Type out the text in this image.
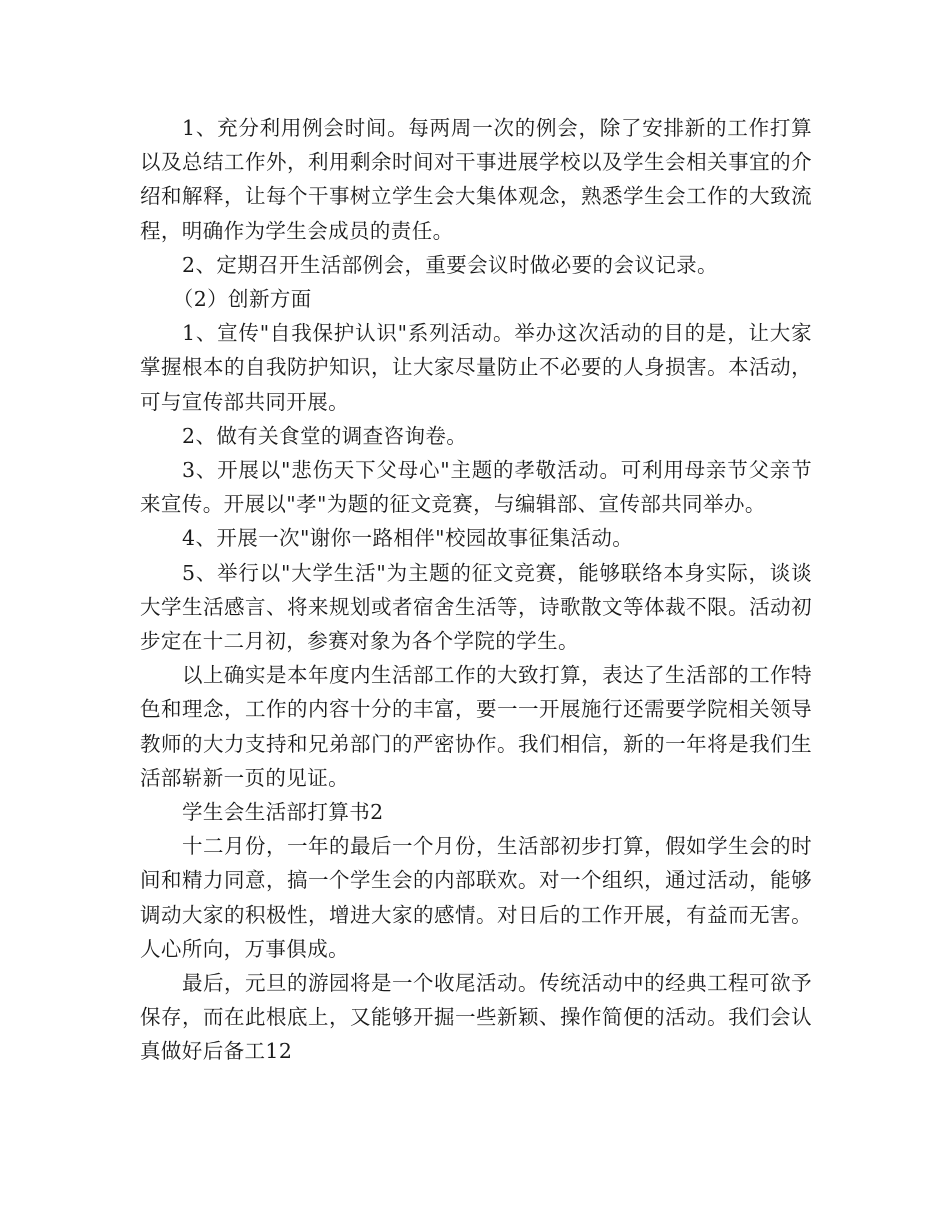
1、充分利用例会时间。每两周一次的例会，除了安排新的工作打算以及总结工作外，利用剩余时间对干事进展学校以及学生会相关事宜的介绍和解释，让每个干事树立学生会大集体观念，熟悉学生会工作的大致流程，明确作为学生会成员的责任。

2、定期召开生活部例会，重要会议时做必要的会议记录。

（2）创新方面

1、宣传"自我保护认识"系列活动。举办这次活动的目的是，让大家掌握根本的自我防护知识，让大家尽量防止不必要的人身损害。本活动，可与宣传部共同开展。

2、做有关食堂的调查咨询卷。

3、开展以"悲伤天下父母心"主题的孝敬活动。可利用母亲节父亲节来宣传。开展以"孝"为题的征文竞赛，与编辑部、宣传部共同举办。

4、开展一次"谢你一路相伴"校园故事征集活动。

5、举行以"大学生活"为主题的征文竞赛，能够联络本身实际，谈谈大学生活感言、将来规划或者宿舍生活等，诗歌散文等体裁不限。活动初步定在十二月初，参赛对象为各个学院的学生。

以上确实是本年度内生活部工作的大致打算，表达了生活部的工作特色和理念，工作的内容十分的丰富，要一一开展施行还需要学院相关领导教师的大力支持和兄弟部门的严密协作。我们相信，新的一年将是我们生活部崭新一页的见证。

学生会生活部打算书2

十二月份，一年的最后一个月份，生活部初步打算，假如学生会的时间和精力同意，搞一个学生会的内部联欢。对一个组织，通过活动，能够调动大家的积极性，增进大家的感情。对日后的工作开展，有益而无害。人心所向，万事俱成。

最后，元旦的游园将是一个收尾活动。传统活动中的经典工程可欲予保存，而在此根底上，又能够开掘一些新颖、操作简便的活动。我们会认真做好后备工12
